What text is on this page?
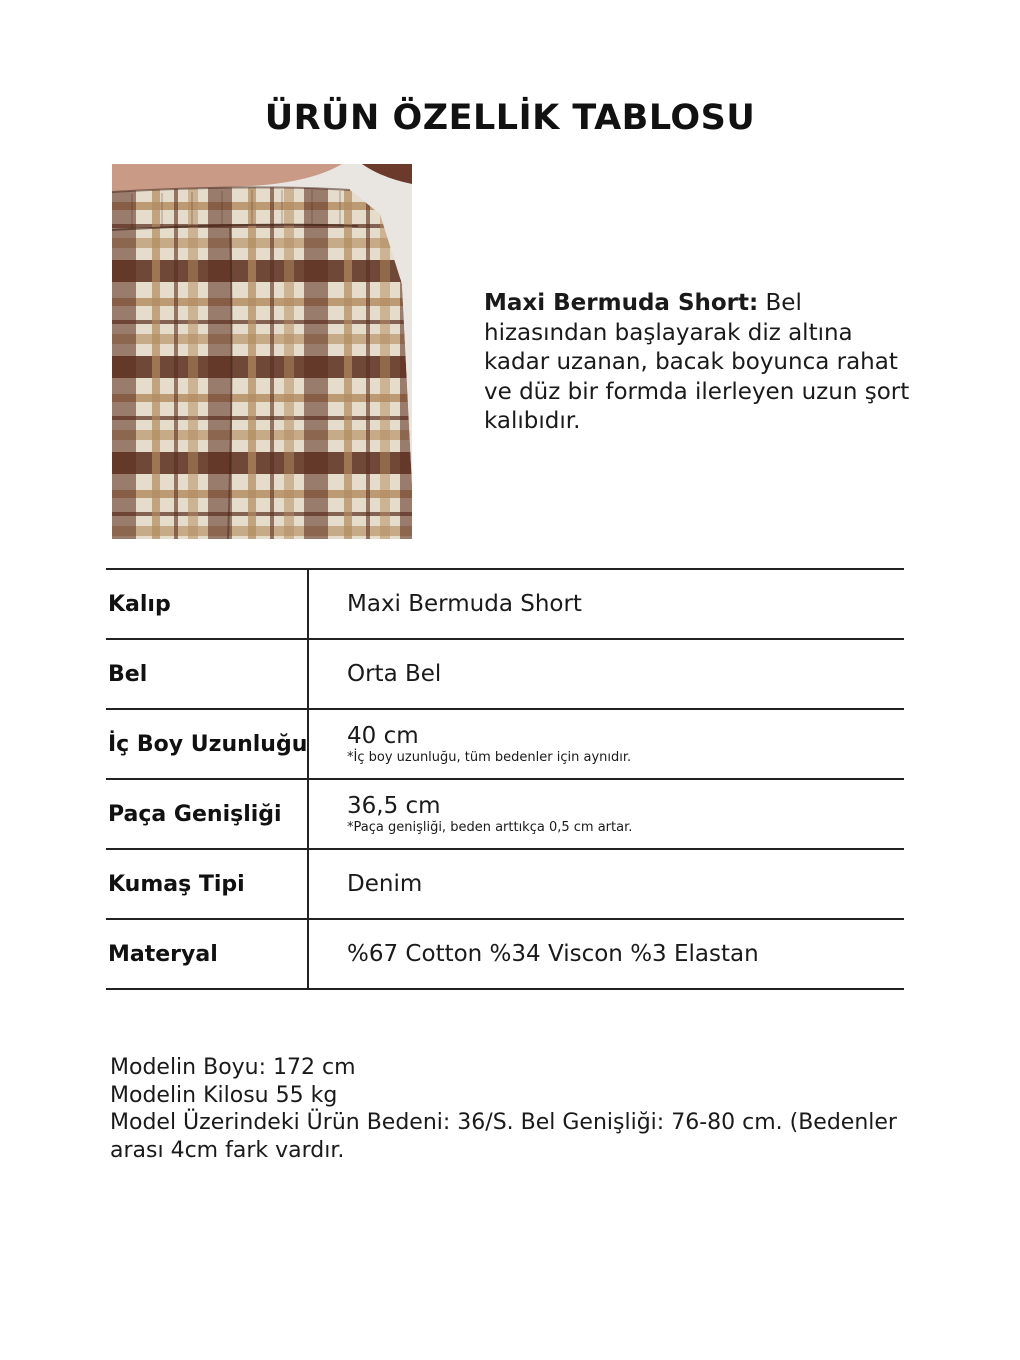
ÜRÜN ÖZELLİK TABLOSU
Maxi Bermuda Short: Bel hizasından başlayarak diz altına kadar uzanan, bacak boyunca rahat ve düz bir formda ilerleyen uzun şort kalıbıdır.
Kalıp	Maxi Bermuda Short
Bel	Orta Bel
İç Boy Uzunluğu 40 cm
*İç boy uzunluğu, tüm bedenler için aynıdır.
Paça Genişliği	36,5 cm
*Paça genişliği, beden arttıkça 0,5 cm artar.
Kumaş Tipi	Denim
Materyal	%67 Cotton %34 Viscon %3 Elastan
Modelin Boyu: 172 cm
Modelin Kilosu 55 kg
Model Üzerindeki Ürün Bedeni: 36/S. Bel Genişliği: 76-80 cm. (Bedenler arası 4cm fark vardır.
